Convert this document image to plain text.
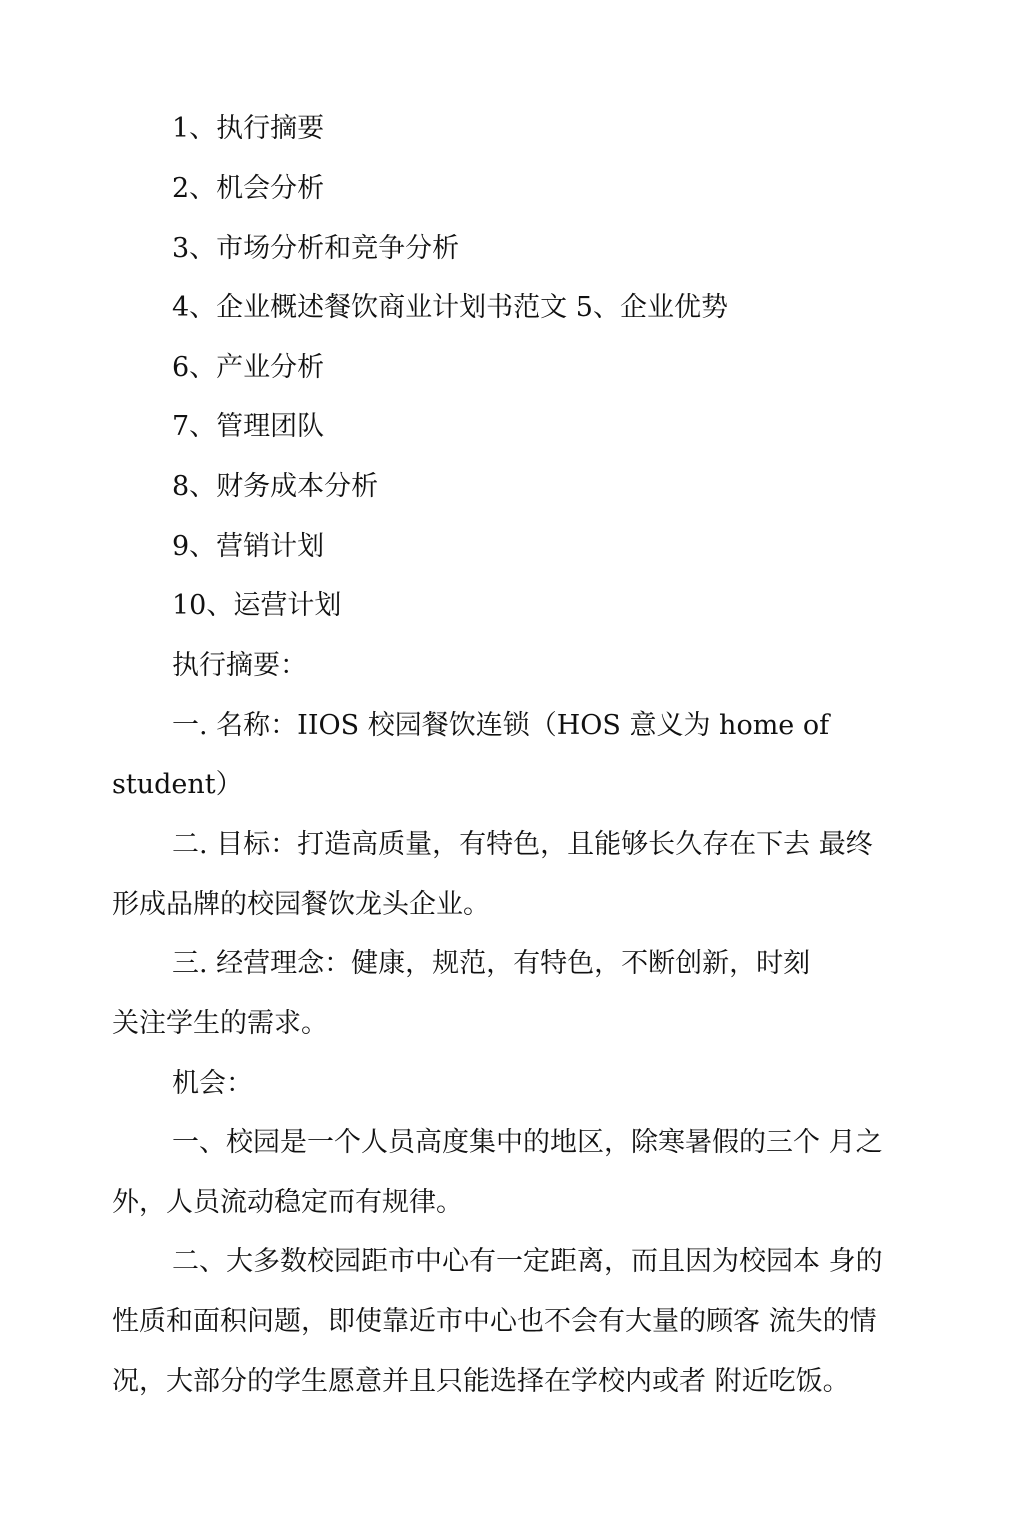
1、执行摘要
2、机会分析
3、市场分析和竞争分析
4、企业概述餐饮商业计划书范文 5、企业优势
6、产业分析
7、管理团队
8、财务成本分析
9、营销计划
10、运营计划
执行摘要：
一. 名称：IIOS 校园餐饮连锁（HOS 意义为 home of
student）
二. 目标：打造高质量，有特色，且能够长久存在下去 最终
形成品牌的校园餐饮龙头企业。
三. 经营理念：健康，规范，有特色，不断创新，时刻
关注学生的需求。
机会：
一、校园是一个人员高度集中的地区，除寒暑假的三个 月之
外，人员流动稳定而有规律。
二、大多数校园距市中心有一定距离，而且因为校园本 身的
性质和面积问题，即使靠近市中心也不会有大量的顾客 流失的情
况，大部分的学生愿意并且只能选择在学校内或者 附近吃饭。
